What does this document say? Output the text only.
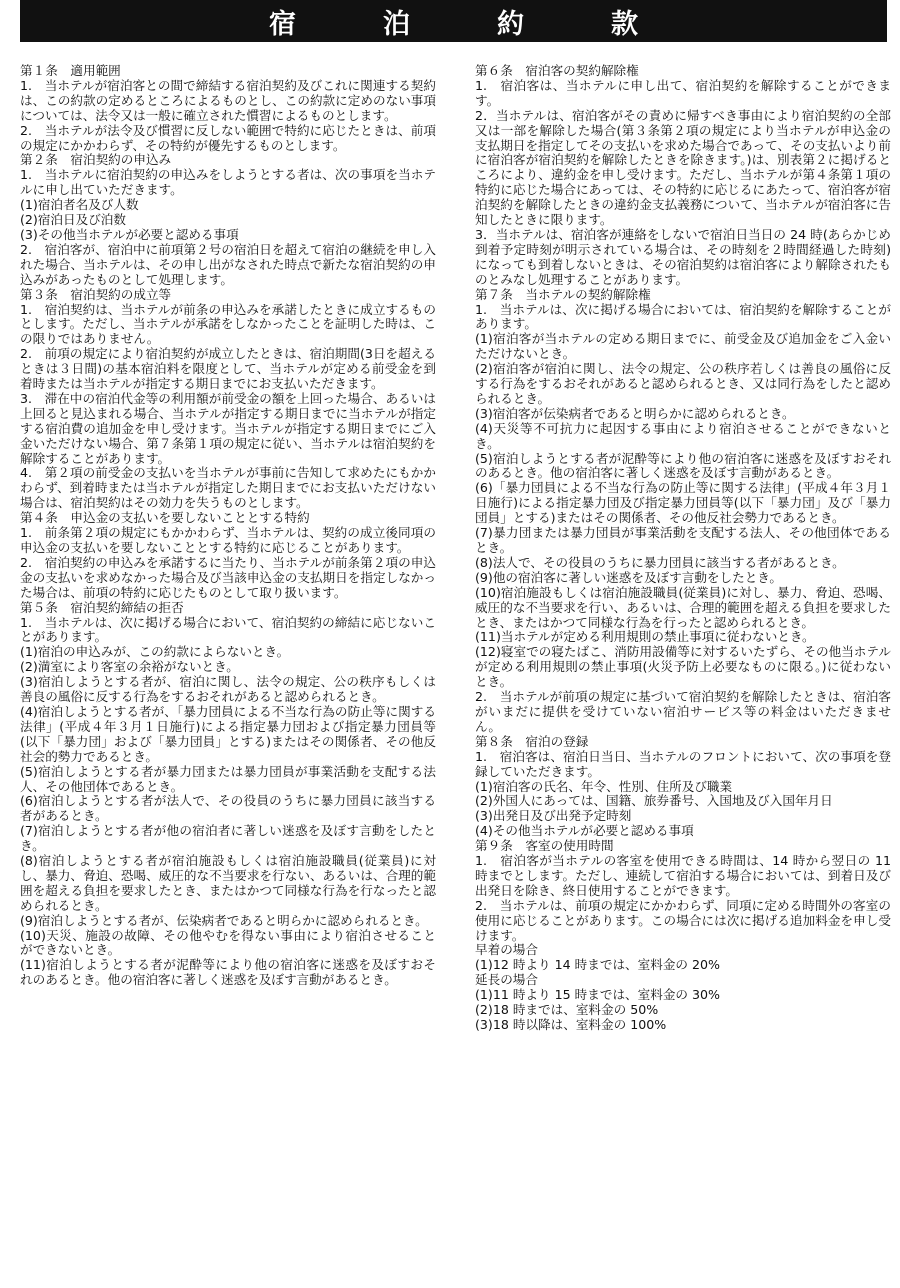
宿　泊　約　款

第１条　適用範囲

1.　当ホテルが宿泊客との間で締結する宿泊契約及びこれに関連する契約は、この約款の定めるところによるものとし、この約款に定めのない事項については、法令又は一般に確立された慣習によるものとします。

2.　当ホテルが法令及び慣習に反しない範囲で特約に応じたときは、前項の規定にかかわらず、その特約が優先するものとします。

第２条　宿泊契約の申込み

1.　当ホテルに宿泊契約の申込みをしようとする者は、次の事項を当ホテルに申し出ていただきます。

(1)宿泊者名及び人数

(2)宿泊日及び泊数

(3)その他当ホテルが必要と認める事項

2.　宿泊客が、宿泊中に前項第２号の宿泊日を超えて宿泊の継続を申し入れた場合、当ホテルは、その申し出がなされた時点で新たな宿泊契約の申込みがあったものとして処理します。

第３条　宿泊契約の成立等

1.　宿泊契約は、当ホテルが前条の申込みを承諾したときに成立するものとします。ただし、当ホテルが承諾をしなかったことを証明した時は、この限りではありません。

2.　前項の規定により宿泊契約が成立したときは、宿泊期間(3日を超えるときは３日間)の基本宿泊料を限度として、当ホテルが定める前受金を到着時または当ホテルが指定する期日までにお支払いただきます。

3.　滞在中の宿泊代金等の利用額が前受金の額を上回った場合、あるいは上回ると見込まれる場合、当ホテルが指定する期日までに当ホテルが指定する宿泊費の追加金を申し受けます。当ホテルが指定する期日までにご入金いただけない場合、第７条第１項の規定に従い、当ホテルは宿泊契約を解除することがあります。

4.　第２項の前受金の支払いを当ホテルが事前に告知して求めたにもかかわらず、到着時または当ホテルが指定した期日までにお支払いただけない場合は、宿泊契約はその効力を失うものとします。

第４条　申込金の支払いを要しないこととする特約

1.　前条第２項の規定にもかかわらず、当ホテルは、契約の成立後同項の申込金の支払いを要しないこととする特約に応じることがあります。

2.　宿泊契約の申込みを承諾するに当たり、当ホテルが前条第２項の申込金の支払いを求めなかった場合及び当該申込金の支払期日を指定しなかった場合は、前項の特約に応じたものとして取り扱います。

第５条　宿泊契約締結の拒否

1.　当ホテルは、次に掲げる場合において、宿泊契約の締結に応じないことがあります。

(1)宿泊の申込みが、この約款によらないとき。

(2)満室により客室の余裕がないとき。

(3)宿泊しようとする者が、宿泊に関し、法令の規定、公の秩序もしくは善良の風俗に反する行為をするおそれがあると認められるとき。

(4)宿泊しようとする者が、「暴力団員による不当な行為の防止等に関する法律」(平成４年３月１日施行)による指定暴力団および指定暴力団員等(以下「暴力団」および「暴力団員」とする)またはその関係者、その他反社会的勢力であるとき。

(5)宿泊しようとする者が暴力団または暴力団員が事業活動を支配する法人、その他団体であるとき。

(6)宿泊しようとする者が法人で、その役員のうちに暴力団員に該当する者があるとき。

(7)宿泊しようとする者が他の宿泊者に著しい迷惑を及ぼす言動をしたとき。

(8)宿泊しようとする者が宿泊施設もしくは宿泊施設職員(従業員)に対し、暴力、脅迫、恐喝、威圧的な不当要求を行ない、あるいは、合理的範囲を超える負担を要求したとき、またはかつて同様な行為を行なったと認められるとき。

(9)宿泊しようとする者が、伝染病者であると明らかに認められるとき。

(10)天災、施設の故障、その他やむを得ない事由により宿泊させることができないとき。

(11)宿泊しようとする者が泥酔等により他の宿泊客に迷惑を及ぼすおそれのあるとき。他の宿泊客に著しく迷惑を及ぼす言動があるとき。

第６条　宿泊客の契約解除権

1.　宿泊客は、当ホテルに申し出て、宿泊契約を解除することができます。

2．当ホテルは、宿泊客がその責めに帰すべき事由により宿泊契約の全部又は一部を解除した場合(第３条第２項の規定により当ホテルが申込金の支払期日を指定してその支払いを求めた場合であって、その支払いより前に宿泊客が宿泊契約を解除したときを除きます。)は、別表第２に掲げるところにより、違約金を申し受けます。ただし、当ホテルが第４条第１項の特約に応じた場合にあっては、その特約に応じるにあたって、宿泊客が宿泊契約を解除したときの違約金支払義務について、当ホテルが宿泊客に告知したときに限ります。

3．当ホテルは、宿泊客が連絡をしないで宿泊日当日の 24 時(あらかじめ到着予定時刻が明示されている場合は、その時刻を２時間経過した時刻)になっても到着しないときは、その宿泊契約は宿泊客により解除されたものとみなし処理することがあります。

第７条　当ホテルの契約解除権

1.　当ホテルは、次に掲げる場合においては、宿泊契約を解除することがあります。

(1)宿泊客が当ホテルの定める期日までに、前受金及び追加金をご入金いただけないとき。

(2)宿泊客が宿泊に関し、法令の規定、公の秩序若しくは善良の風俗に反する行為をするおそれがあると認められるとき、又は同行為をしたと認められるとき。

(3)宿泊客が伝染病者であると明らかに認められるとき。

(4)天災等不可抗力に起因する事由により宿泊させることができないとき。

(5)宿泊しようとする者が泥酔等により他の宿泊客に迷惑を及ぼすおそれのあるとき。他の宿泊客に著しく迷惑を及ぼす言動があるとき。

(6)「暴力団員による不当な行為の防止等に関する法律」(平成４年３月１日施行)による指定暴力団及び指定暴力団員等(以下「暴力団」及び「暴力団員」とする)またはその関係者、その他反社会勢力であるとき。

(7)暴力団または暴力団員が事業活動を支配する法人、その他団体であるとき。

(8)法人で、その役員のうちに暴力団員に該当する者があるとき。

(9)他の宿泊客に著しい迷惑を及ぼす言動をしたとき。

(10)宿泊施設もしくは宿泊施設職員(従業員)に対し、暴力、脅迫、恐喝、威圧的な不当要求を行い、あるいは、合理的範囲を超える負担を要求したとき、またはかつて同様な行為を行ったと認められるとき。

(11)当ホテルが定める利用規則の禁止事項に従わないとき。

(12)寝室での寝たばこ、消防用設備等に対するいたずら、その他当ホテルが定める利用規則の禁止事項(火災予防上必要なものに限る。)に従わないとき。

2.　当ホテルが前項の規定に基づいて宿泊契約を解除したときは、宿泊客がいまだに提供を受けていない宿泊サービス等の料金はいただきません。

第８条　宿泊の登録

1.　宿泊客は、宿泊日当日、当ホテルのフロントにおいて、次の事項を登録していただきます。

(1)宿泊客の氏名、年令、性別、住所及び職業

(2)外国人にあっては、国籍、旅券番号、入国地及び入国年月日

(3)出発日及び出発予定時刻

(4)その他当ホテルが必要と認める事項

第９条　客室の使用時間

1.　宿泊客が当ホテルの客室を使用できる時間は、14 時から翌日の 11 時までとします。ただし、連続して宿泊する場合においては、到着日及び出発日を除き、終日使用することができます。

2.　当ホテルは、前項の規定にかかわらず、同項に定める時間外の客室の使用に応じることがあります。この場合には次に掲げる追加料金を申し受けます。

早着の場合

(1)12 時より 14 時までは、室料金の 20%

延長の場合

(1)11 時より 15 時までは、室料金の 30%

(2)18 時までは、室料金の 50%

(3)18 時以降は、室料金の 100%
